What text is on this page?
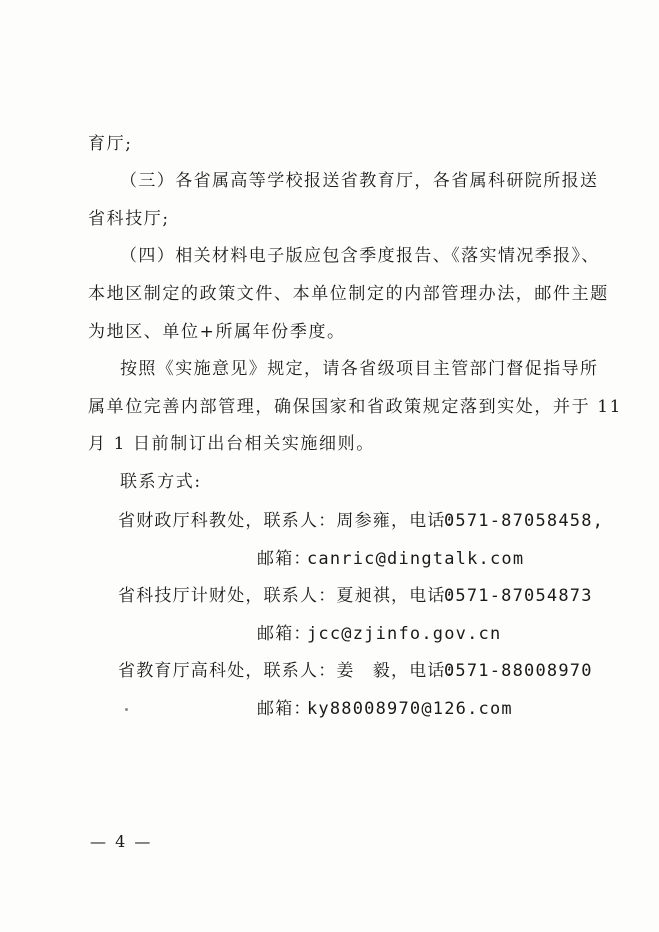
育厅;
（三）各省属高等学校报送省教育厅，各省属科研院所报送
省科技厅;
（四）相关材料电子版应包含季度报告、《落实情况季报》、
本地区制定的政策文件、本单位制定的内部管理办法，邮件主题
为地区、单位+所属年份季度。
按照《实施意见》规定，请各省级项目主管部门督促指导所
属单位完善内部管理，确保国家和省政策规定落到实处，并于 11
月 1 日前制订出台相关实施细则。
联系方式:
省财政厅科教处，联系人：周参雍，电话：
0571-87058458,
邮箱：
canric@dingtalk.com
省科技厅计财处，联系人：夏昶祺，电话：
0571-87054873
邮箱：
jcc@zjinfo.gov.cn
省教育厅高科处，联系人：姜　毅，电话：
0571-88008970
邮箱：
ky88008970@126.com
— 4 —
